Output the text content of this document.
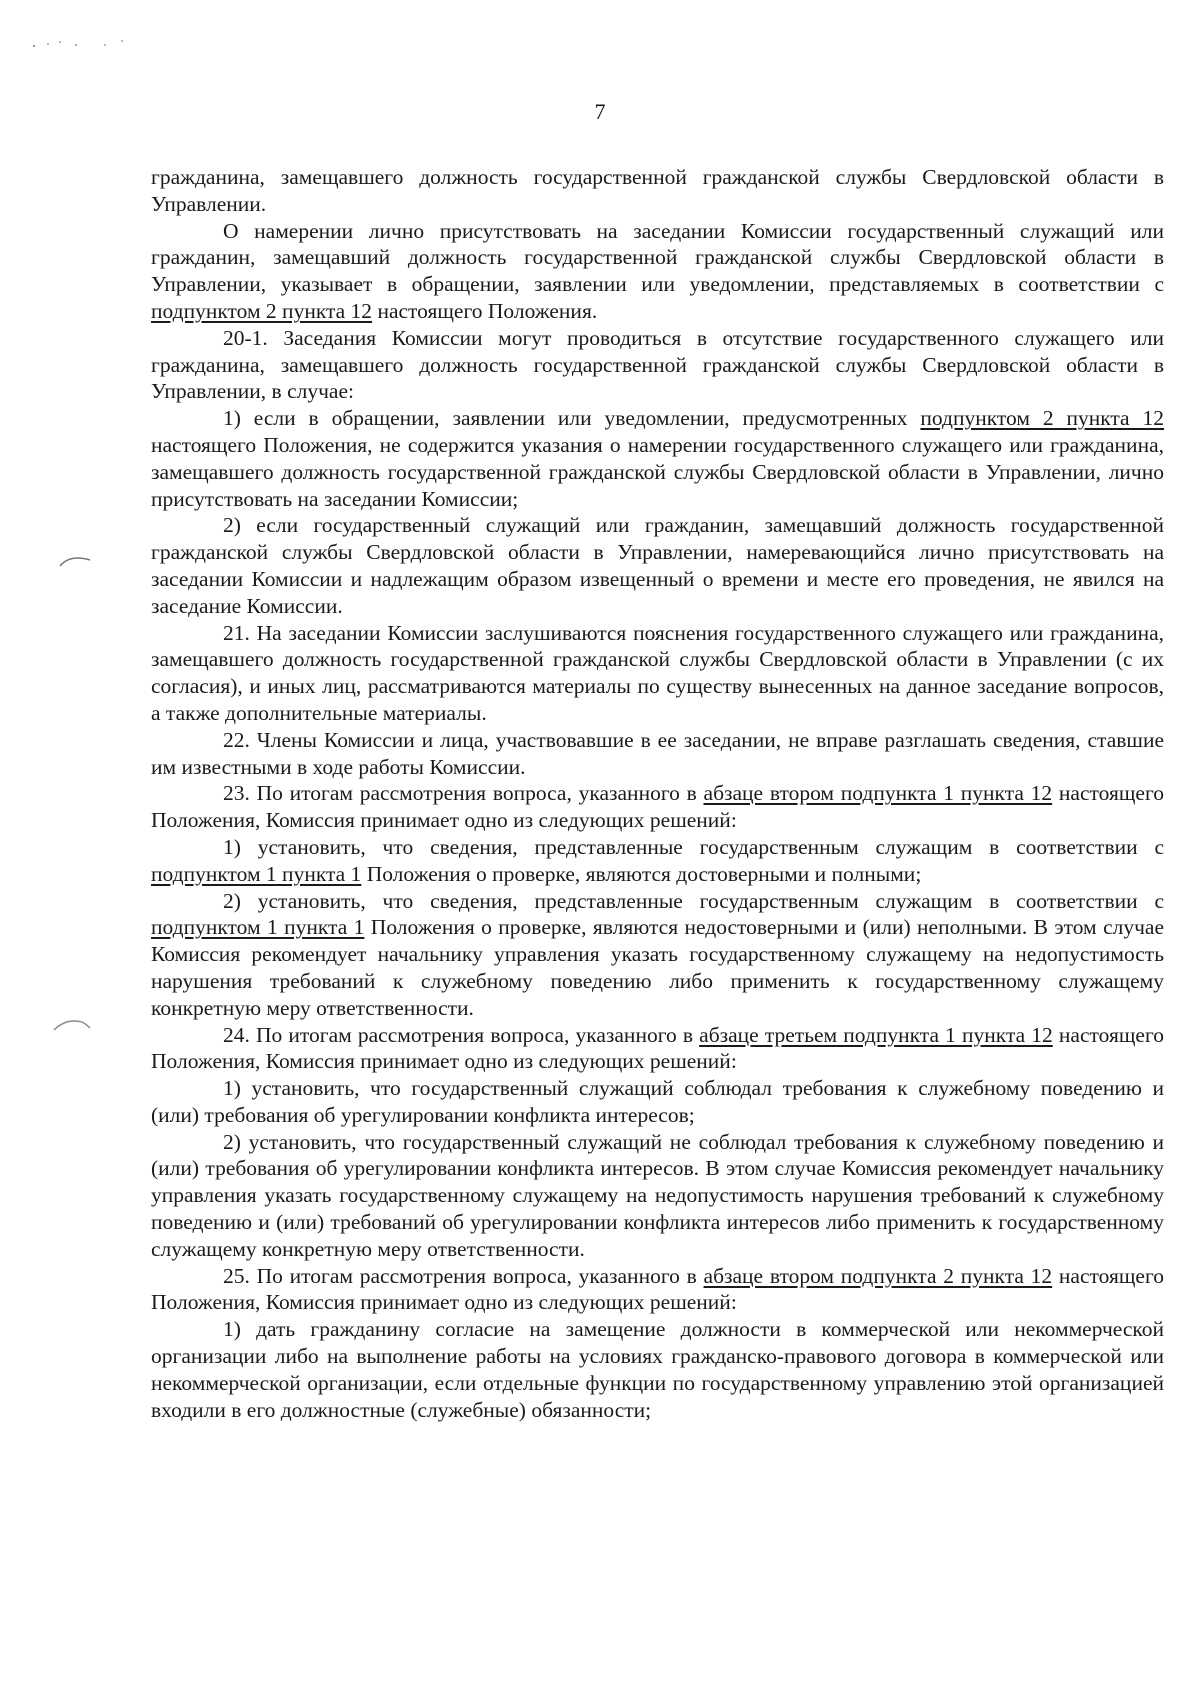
7

гражданина, замещавшего должность государственной гражданской службы Свердловской области в Управлении.

О намерении лично присутствовать на заседании Комиссии государственный служащий или гражданин, замещавший должность государственной гражданской службы Свердловской области в Управлении, указывает в обращении, заявлении или уведомлении, представляемых в соответствии с подпунктом 2 пункта 12 настоящего Положения.

20-1. Заседания Комиссии могут проводиться в отсутствие государственного служащего или гражданина, замещавшего должность государственной гражданской службы Свердловской области в Управлении, в случае:

1) если в обращении, заявлении или уведомлении, предусмотренных подпунктом 2 пункта 12 настоящего Положения, не содержится указания о намерении государственного служащего или гражданина, замещавшего должность государственной гражданской службы Свердловской области в Управлении, лично присутствовать на заседании Комиссии;

2) если государственный служащий или гражданин, замещавший должность государственной гражданской службы Свердловской области в Управлении, намеревающийся лично присутствовать на заседании Комиссии и надлежащим образом извещенный о времени и месте его проведения, не явился на заседание Комиссии.

21. На заседании Комиссии заслушиваются пояснения государственного служащего или гражданина, замещавшего должность государственной гражданской службы Свердловской области в Управлении (с их согласия), и иных лиц, рассматриваются материалы по существу вынесенных на данное заседание вопросов, а также дополнительные материалы.

22. Члены Комиссии и лица, участвовавшие в ее заседании, не вправе разглашать сведения, ставшие им известными в ходе работы Комиссии.

23. По итогам рассмотрения вопроса, указанного в абзаце втором подпункта 1 пункта 12 настоящего Положения, Комиссия принимает одно из следующих решений:

1) установить, что сведения, представленные государственным служащим в соответствии с подпунктом 1 пункта 1 Положения о проверке, являются достоверными и полными;

2) установить, что сведения, представленные государственным служащим в соответствии с подпунктом 1 пункта 1 Положения о проверке, являются недостоверными и (или) неполными. В этом случае Комиссия рекомендует начальнику управления указать государственному служащему на недопустимость нарушения требований к служебному поведению либо применить к государственному служащему конкретную меру ответственности.

24. По итогам рассмотрения вопроса, указанного в абзаце третьем подпункта 1 пункта 12 настоящего Положения, Комиссия принимает одно из следующих решений:

1) установить, что государственный служащий соблюдал требования к служебному поведению и (или) требования об урегулировании конфликта интересов;

2) установить, что государственный служащий не соблюдал требования к служебному поведению и (или) требования об урегулировании конфликта интересов. В этом случае Комиссия рекомендует начальнику управления указать государственному служащему на недопустимость нарушения требований к служебному поведению и (или) требований об урегулировании конфликта интересов либо применить к государственному служащему конкретную меру ответственности.

25. По итогам рассмотрения вопроса, указанного в абзаце втором подпункта 2 пункта 12 настоящего Положения, Комиссия принимает одно из следующих решений:

1) дать гражданину согласие на замещение должности в коммерческой или некоммерческой организации либо на выполнение работы на условиях гражданско-правового договора в коммерческой или некоммерческой организации, если отдельные функции по государственному управлению этой организацией входили в его должностные (служебные) обязанности;
